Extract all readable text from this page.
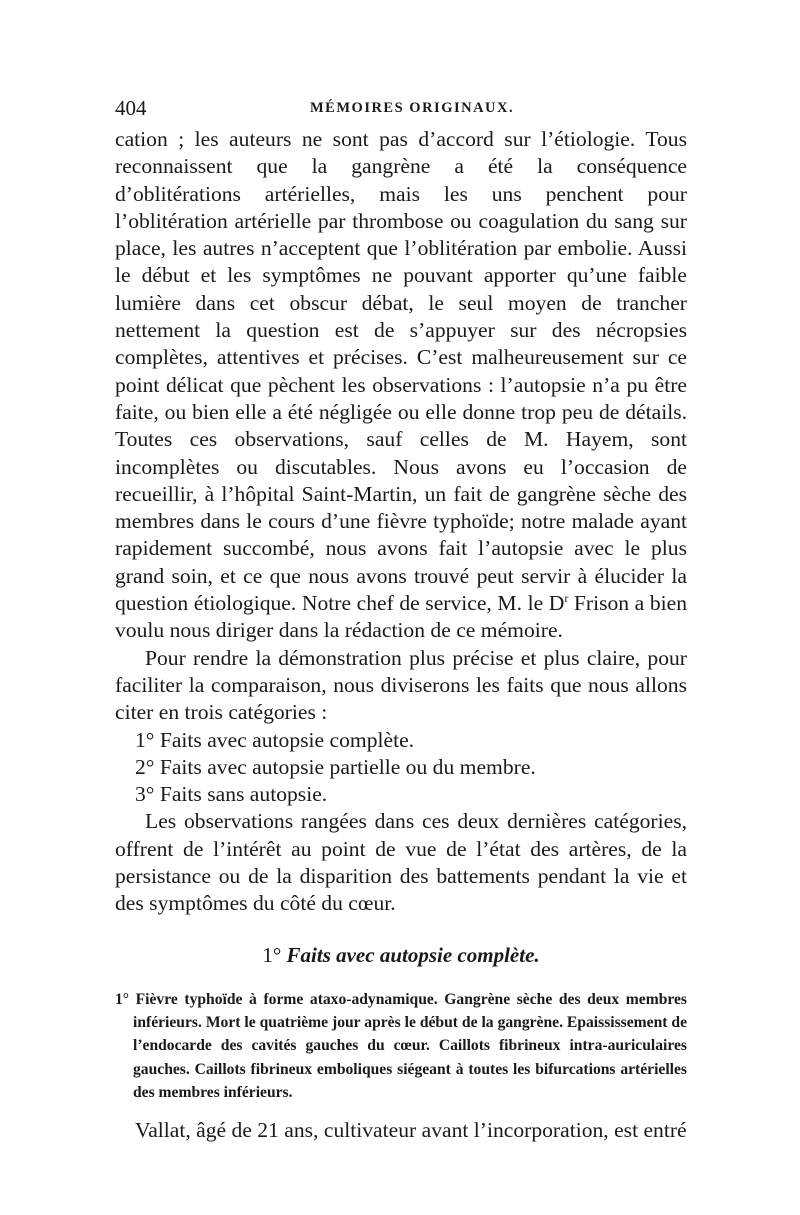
404	MÉMOIRES ORIGINAUX.

cation ; les auteurs ne sont pas d’accord sur l’étiologie. Tous reconnaissent que la gangrène a été la conséquence d’oblitérations artérielles, mais les uns penchent pour l’oblitération artérielle par thrombose ou coagulation du sang sur place, les autres n’acceptent que l’oblitération par embolie. Aussi le début et les symptômes ne pouvant apporter qu’une faible lumière dans cet obscur débat, le seul moyen de trancher nettement la question est de s’appuyer sur des nécropsies complètes, attentives et précises. C’est malheureusement sur ce point délicat que pèchent les observations : l’autopsie n’a pu être faite, ou bien elle a été négligée ou elle donne trop peu de détails. Toutes ces observations, sauf celles de M. Hayem, sont incomplètes ou discutables. Nous avons eu l’occasion de recueillir, à l’hôpital Saint-Martin, un fait de gangrène sèche des membres dans le cours d’une fièvre typhoïde; notre malade ayant rapidement succombé, nous avons fait l’autopsie avec le plus grand soin, et ce que nous avons trouvé peut servir à élucider la question étiologique. Notre chef de service, M. le $D^r$ Frison a bien voulu nous diriger dans la rédaction de ce mémoire.

Pour rendre la démonstration plus précise et plus claire, pour faciliter la comparaison, nous diviserons les faits que nous allons citer en trois catégories :

1° Faits avec autopsie complète.

2° Faits avec autopsie partielle ou du membre.

3° Faits sans autopsie.

Les observations rangées dans ces deux dernières catégories, offrent de l’intérêt au point de vue de l’état des artères, de la persistance ou de la disparition des battements pendant la vie et des symptômes du côté du cœur.

1° Faits avec autopsie complète.
1° Fièvre typhoïde à forme ataxo-adynamique. Gangrène sèche des deux membres inférieurs. Mort le quatrième jour après le début de la gangrène. Epaississement de l’endocarde des cavités gauches du cœur. Caillots fibrineux intra-auriculaires gauches. Caillots fibrineux emboliques siégeant à toutes les bifurcations artérielles des membres inférieurs.

Vallat, âgé de 21 ans, cultivateur avant l’incorporation, est entré
